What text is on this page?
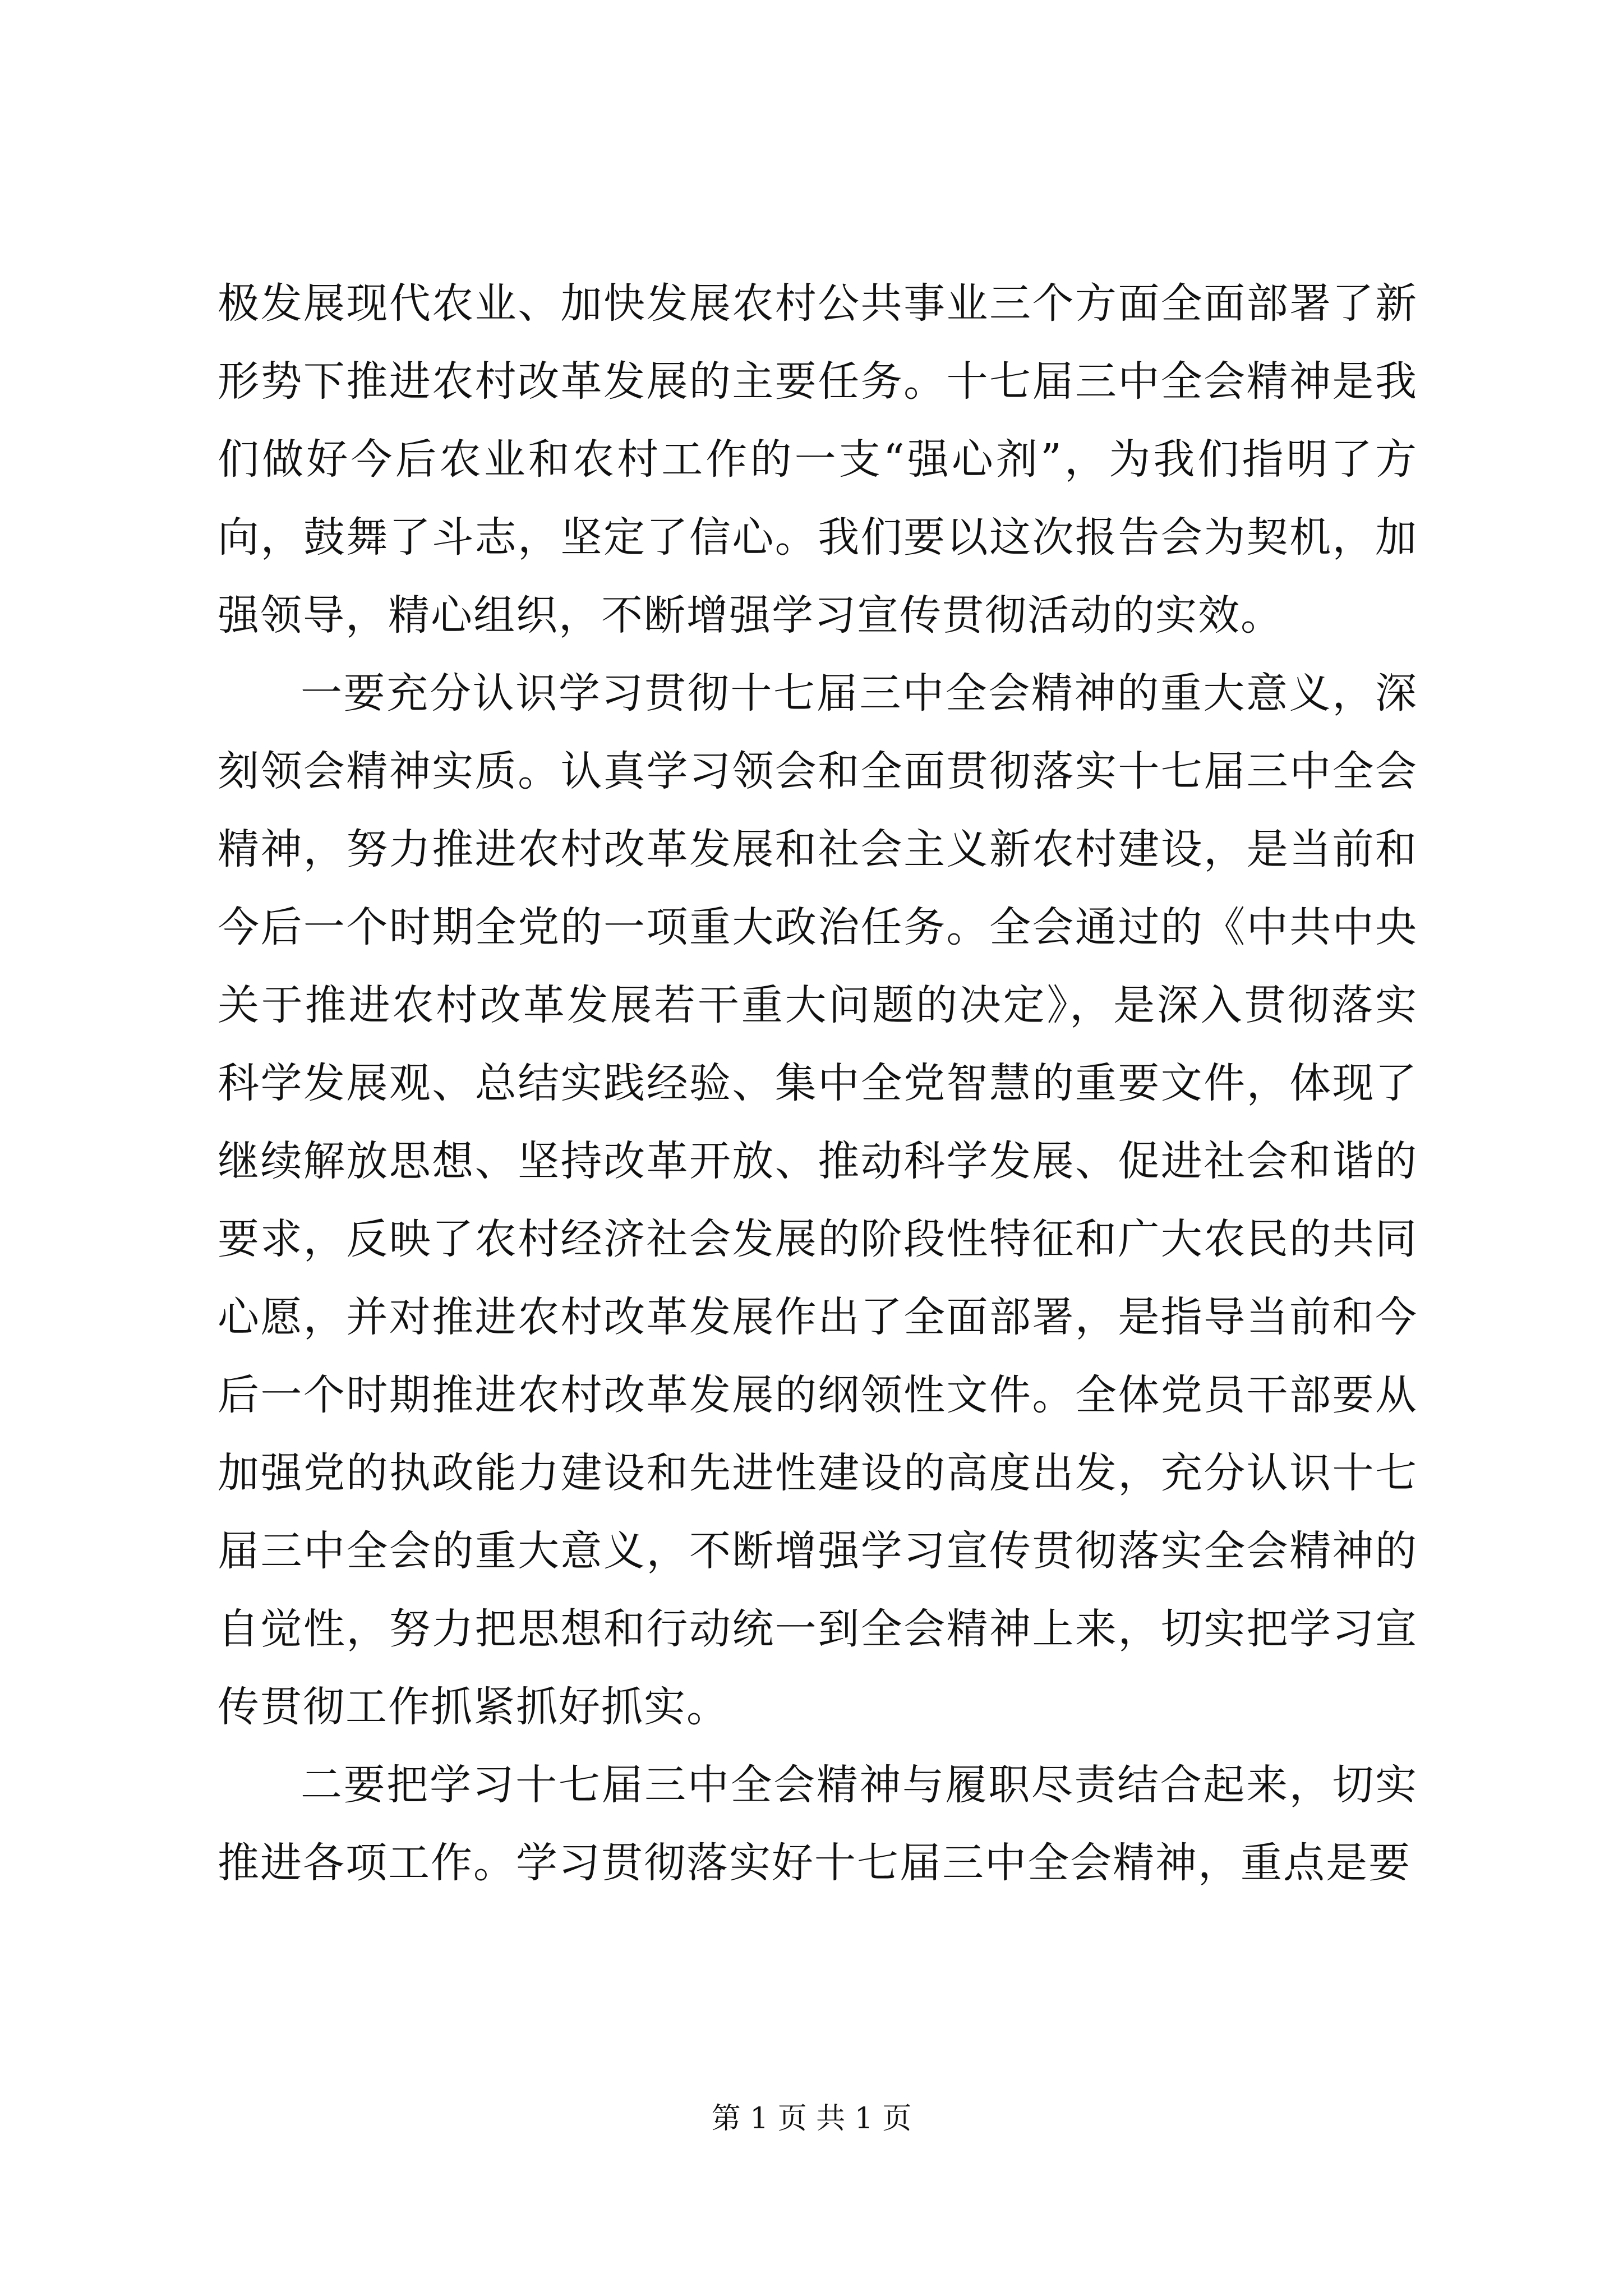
极发展现代农业、加快发展农村公共事业三个方面全面部署了新形势下推进农村改革发展的主要任务。十七届三中全会精神是我们做好今后农业和农村工作的一支“强心剂”，为我们指明了方向，鼓舞了斗志，坚定了信心。我们要以这次报告会为契机，加强领导，精心组织，不断增强学习宣传贯彻活动的实效。

一要充分认识学习贯彻十七届三中全会精神的重大意义，深刻领会精神实质。认真学习领会和全面贯彻落实十七届三中全会精神，努力推进农村改革发展和社会主义新农村建设，是当前和今后一个时期全党的一项重大政治任务。全会通过的《中共中央关于推进农村改革发展若干重大问题的决定》，是深入贯彻落实科学发展观、总结实践经验、集中全党智慧的重要文件，体现了继续解放思想、坚持改革开放、推动科学发展、促进社会和谐的要求，反映了农村经济社会发展的阶段性特征和广大农民的共同心愿，并对推进农村改革发展作出了全面部署，是指导当前和今后一个时期推进农村改革发展的纲领性文件。全体党员干部要从加强党的执政能力建设和先进性建设的高度出发，充分认识十七届三中全会的重大意义，不断增强学习宣传贯彻落实全会精神的自觉性，努力把思想和行动统一到全会精神上来，切实把学习宣传贯彻工作抓紧抓好抓实。

二要把学习十七届三中全会精神与履职尽责结合起来，切实推进各项工作。学习贯彻落实好十七届三中全会精神，重点是要

第 1 页 共 1 页
